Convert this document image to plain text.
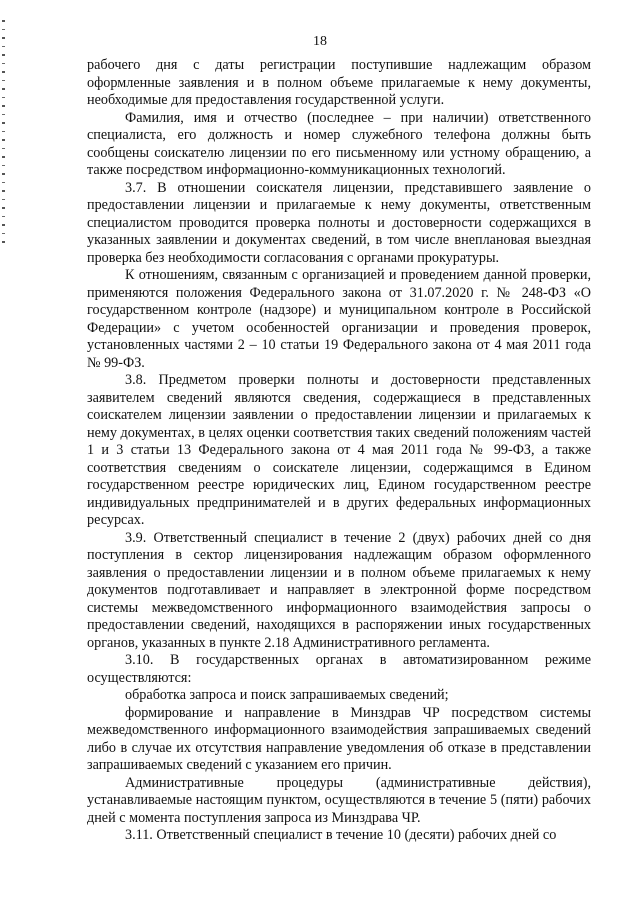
18

рабочего дня с даты регистрации поступившие надлежащим образом оформленные заявления и в полном объеме прилагаемые к нему документы, необходимые для предоставления государственной услуги.

Фамилия, имя и отчество (последнее – при наличии) ответственного специалиста, его должность и номер служебного телефона должны быть сообщены соискателю лицензии по его письменному или устному обращению, а также посредством информационно-коммуникационных технологий.

3.7. В отношении соискателя лицензии, представившего заявление о предоставлении лицензии и прилагаемые к нему документы, ответственным специалистом проводится проверка полноты и достоверности содержащихся в указанных заявлении и документах сведений, в том числе внеплановая выездная проверка без необходимости согласования с органами прокуратуры.

К отношениям, связанным с организацией и проведением данной проверки, применяются положения Федерального закона от 31.07.2020 г. № 248-ФЗ «О государственном контроле (надзоре) и муниципальном контроле в Российской Федерации» с учетом особенностей организации и проведения проверок, установленных частями 2 – 10 статьи 19 Федерального закона от 4 мая 2011 года № 99-ФЗ.

3.8. Предметом проверки полноты и достоверности представленных заявителем сведений являются сведения, содержащиеся в представленных соискателем лицензии заявлении о предоставлении лицензии и прилагаемых к нему документах, в целях оценки соответствия таких сведений положениям частей 1 и 3 статьи 13 Федерального закона от 4 мая 2011 года № 99-ФЗ, а также соответствия сведениям о соискателе лицензии, содержащимся в Едином государственном реестре юридических лиц, Едином государственном реестре индивидуальных предпринимателей и в других федеральных информационных ресурсах.

3.9. Ответственный специалист в течение 2 (двух) рабочих дней со дня поступления в сектор лицензирования надлежащим образом оформленного заявления о предоставлении лицензии и в полном объеме прилагаемых к нему документов подготавливает и направляет в электронной форме посредством системы межведомственного информационного взаимодействия запросы о предоставлении сведений, находящихся в распоряжении иных государственных органов, указанных в пункте 2.18 Административного регламента.

3.10. В государственных органах в автоматизированном режиме осуществляются:

обработка запроса и поиск запрашиваемых сведений;

формирование и направление в Минздрав ЧР посредством системы межведомственного информационного взаимодействия запрашиваемых сведений либо в случае их отсутствия направление уведомления об отказе в представлении запрашиваемых сведений с указанием его причин.

Административные процедуры (административные действия), устанавливаемые настоящим пунктом, осуществляются в течение 5 (пяти) рабочих дней с момента поступления запроса из Минздрава ЧР.

3.11. Ответственный специалист в течение 10 (десяти) рабочих дней со
